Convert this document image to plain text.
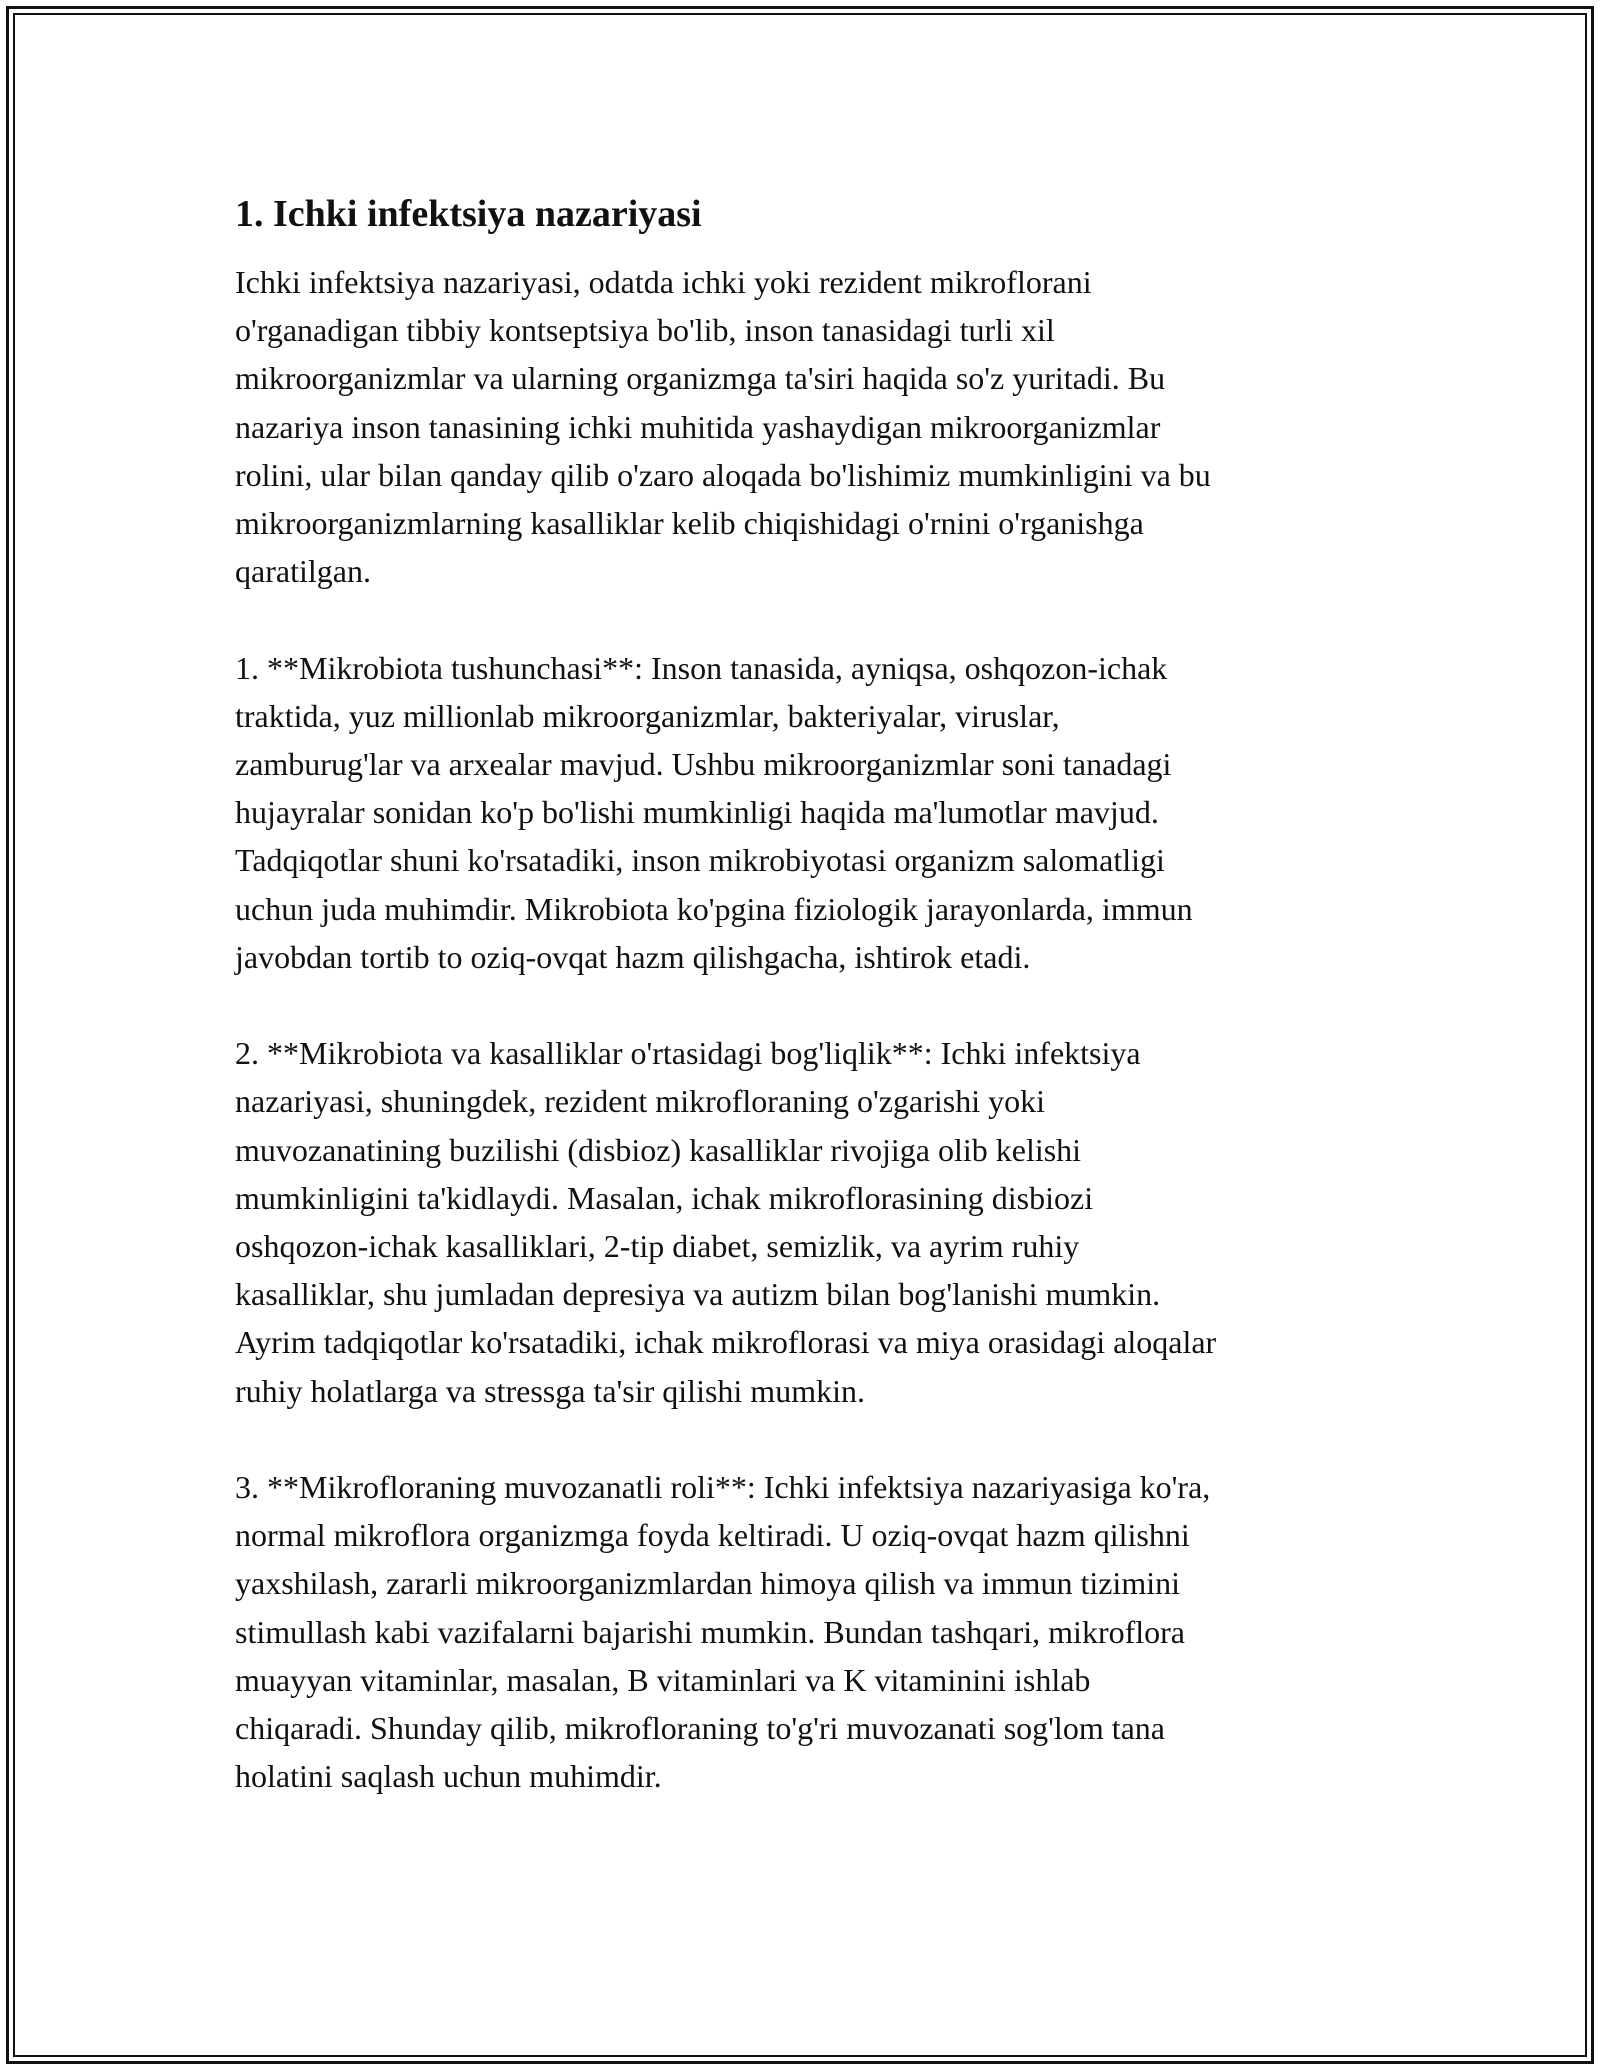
1. Ichki infektsiya nazariyasi

Ichki infektsiya nazariyasi, odatda ichki yoki rezident mikroflorani
o'rganadigan tibbiy kontseptsiya bo'lib, inson tanasidagi turli xil
mikroorganizmlar va ularning organizmga ta'siri haqida so'z yuritadi. Bu
nazariya inson tanasining ichki muhitida yashaydigan mikroorganizmlar
rolini, ular bilan qanday qilib o'zaro aloqada bo'lishimiz mumkinligini va bu
mikroorganizmlarning kasalliklar kelib chiqishidagi o'rnini o'rganishga
qaratilgan.

1. **Mikrobiota tushunchasi**: Inson tanasida, ayniqsa, oshqozon-ichak
traktida, yuz millionlab mikroorganizmlar, bakteriyalar, viruslar,
zamburug'lar va arxealar mavjud. Ushbu mikroorganizmlar soni tanadagi
hujayralar sonidan ko'p bo'lishi mumkinligi haqida ma'lumotlar mavjud.
Tadqiqotlar shuni ko'rsatadiki, inson mikrobiyotasi organizm salomatligi
uchun juda muhimdir. Mikrobiota ko'pgina fiziologik jarayonlarda, immun
javobdan tortib to oziq-ovqat hazm qilishgacha, ishtirok etadi.

2. **Mikrobiota va kasalliklar o'rtasidagi bog'liqlik**: Ichki infektsiya
nazariyasi, shuningdek, rezident mikrofloraning o'zgarishi yoki
muvozanatining buzilishi (disbioz) kasalliklar rivojiga olib kelishi
mumkinligini ta'kidlaydi. Masalan, ichak mikroflorasining disbiozi
oshqozon-ichak kasalliklari, 2-tip diabet, semizlik, va ayrim ruhiy
kasalliklar, shu jumladan depresiya va autizm bilan bog'lanishi mumkin.
Ayrim tadqiqotlar ko'rsatadiki, ichak mikroflorasi va miya orasidagi aloqalar
ruhiy holatlarga va stressga ta'sir qilishi mumkin.

3. **Mikrofloraning muvozanatli roli**: Ichki infektsiya nazariyasiga ko'ra,
normal mikroflora organizmga foyda keltiradi. U oziq-ovqat hazm qilishni
yaxshilash, zararli mikroorganizmlardan himoya qilish va immun tizimini
stimullash kabi vazifalarni bajarishi mumkin. Bundan tashqari, mikroflora
muayyan vitaminlar, masalan, B vitaminlari va K vitaminini ishlab
chiqaradi. Shunday qilib, mikrofloraning to'g'ri muvozanati sog'lom tana
holatini saqlash uchun muhimdir.
